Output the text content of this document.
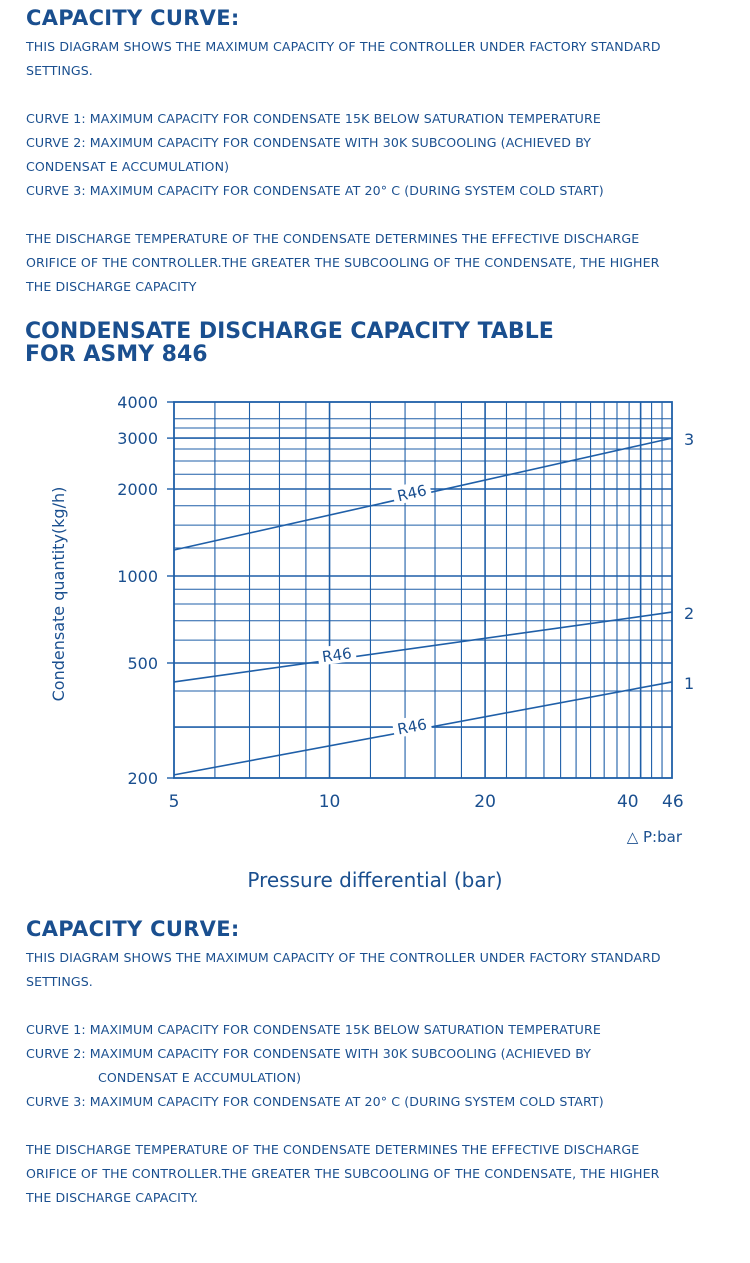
CAPACITY CURVE:
THIS DIAGRAM SHOWS THE MAXIMUM CAPACITY OF THE CONTROLLER UNDER FACTORY STANDARD
SETTINGS.
CURVE 1: MAXIMUM CAPACITY FOR CONDENSATE 15K BELOW SATURATION TEMPERATURE
CURVE 2: MAXIMUM CAPACITY FOR CONDENSATE WITH 30K SUBCOOLING (ACHIEVED BY
CONDENSAT E ACCUMULATION)
CURVE 3: MAXIMUM CAPACITY FOR CONDENSATE AT 20° C (DURING SYSTEM COLD START)
THE DISCHARGE TEMPERATURE OF THE CONDENSATE DETERMINES THE EFFECTIVE DISCHARGE
ORIFICE OF THE CONTROLLER.THE GREATER THE SUBCOOLING OF THE CONDENSATE, THE HIGHER
THE DISCHARGE CAPACITY
CONDENSATE DISCHARGE CAPACITY TABLE
FOR ASMY 846
4000
3000
2000
1000
500
200
5	10	20	40 46
Condensate quantity(kg/h)
△ P:bar
1
R46
2
R46
3
R46
Pressure differential (bar)
CAPACITY CURVE:
THIS DIAGRAM SHOWS THE MAXIMUM CAPACITY OF THE CONTROLLER UNDER FACTORY STANDARD
SETTINGS.
CURVE 1: MAXIMUM CAPACITY FOR CONDENSATE 15K BELOW SATURATION TEMPERATURE
CURVE 2: MAXIMUM CAPACITY FOR CONDENSATE WITH 30K SUBCOOLING (ACHIEVED BY
CONDENSAT E ACCUMULATION)
CURVE 3: MAXIMUM CAPACITY FOR CONDENSATE AT 20° C (DURING SYSTEM COLD START)
THE DISCHARGE TEMPERATURE OF THE CONDENSATE DETERMINES THE EFFECTIVE DISCHARGE
ORIFICE OF THE CONTROLLER.THE GREATER THE SUBCOOLING OF THE CONDENSATE, THE HIGHER
THE DISCHARGE CAPACITY.
